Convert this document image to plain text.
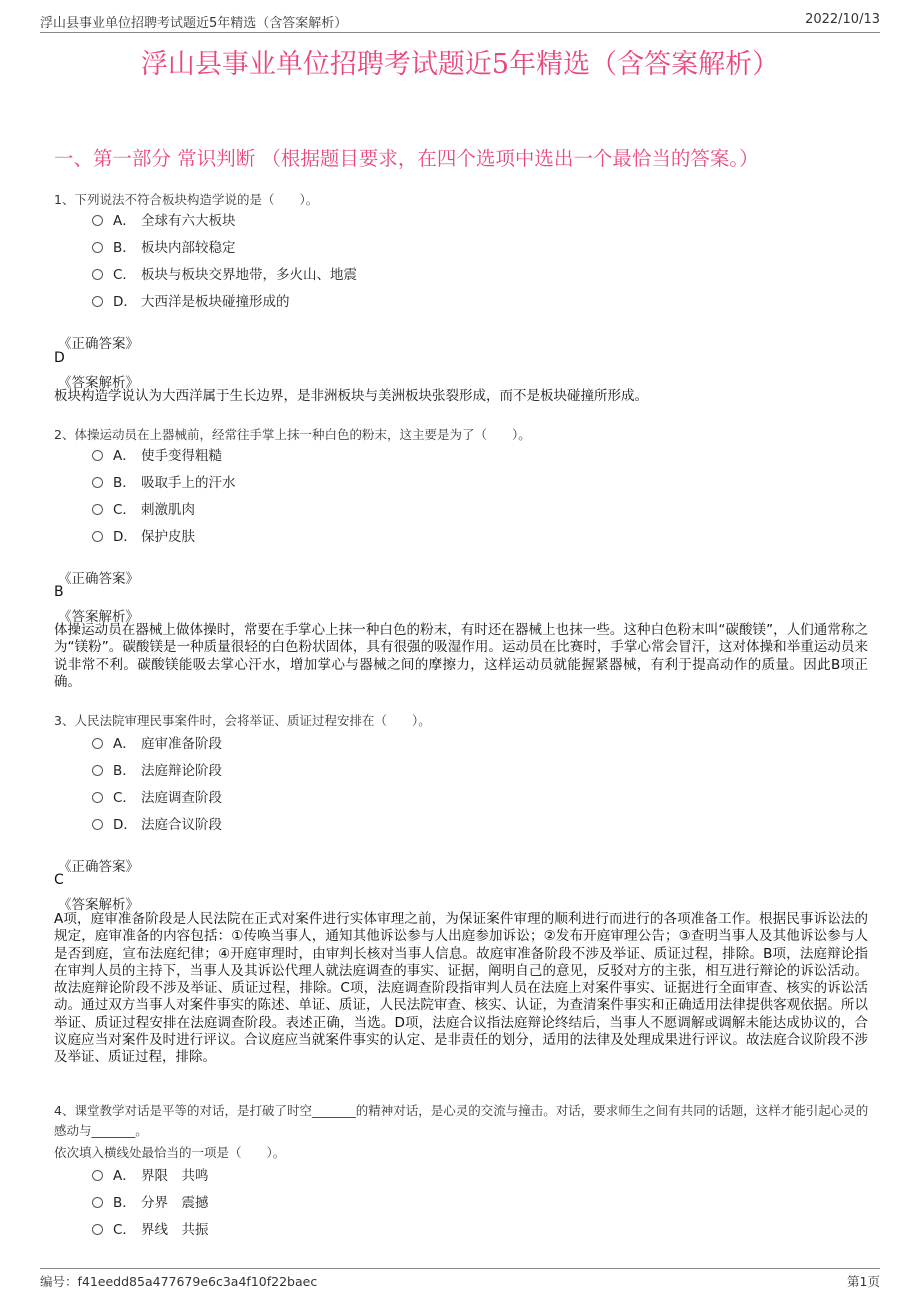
浮山县事业单位招聘考试题近5年精选（含答案解析）	2022/10/13
浮山县事业单位招聘考试题近5年精选（含答案解析）
一、第一部分 常识判断 （根据题目要求，在四个选项中选出一个最恰当的答案。）
1、下列说法不符合板块构造学说的是（　　）。
A． 全球有六大板块
B． 板块内部较稳定
C． 板块与板块交界地带，多火山、地震
D． 大西洋是板块碰撞形成的
《正确答案》
D
《答案解析》
板块构造学说认为大西洋属于生长边界，是非洲板块与美洲板块张裂形成，而不是板块碰撞所形成。
2、体操运动员在上器械前，经常往手掌上抹一种白色的粉末，这主要是为了（　　）。
A． 使手变得粗糙
B． 吸取手上的汗水
C． 刺激肌肉
D． 保护皮肤
《正确答案》
B
《答案解析》
体操运动员在器械上做体操时，常要在手掌心上抹一种白色的粉末，有时还在器械上也抹一些。这种白色粉末叫“碳酸镁”，人们通常称之为“镁粉”。碳酸镁是一种质量很轻的白色粉状固体，具有很强的吸湿作用。运动员在比赛时，手掌心常会冒汗，这对体操和举重运动员来说非常不利。碳酸镁能吸去掌心汗水，增加掌心与器械之间的摩擦力，这样运动员就能握紧器械，有利于提高动作的质量。因此B项正确。
3、人民法院审理民事案件时，会将举证、质证过程安排在（　　）。
A． 庭审准备阶段
B． 法庭辩论阶段
C． 法庭调查阶段
D． 法庭合议阶段
《正确答案》
C
《答案解析》
A项，庭审准备阶段是人民法院在正式对案件进行实体审理之前，为保证案件审理的顺利进行而进行的各项准备工作。根据民事诉讼法的规定，庭审准备的内容包括：①传唤当事人，通知其他诉讼参与人出庭参加诉讼；②发布开庭审理公告；③查明当事人及其他诉讼参与人是否到庭，宣布法庭纪律；④开庭审理时，由审判长核对当事人信息。故庭审准备阶段不涉及举证、质证过程，排除。B项，法庭辩论指在审判人员的主持下，当事人及其诉讼代理人就法庭调查的事实、证据，阐明自己的意见，反驳对方的主张，相互进行辩论的诉讼活动。故法庭辩论阶段不涉及举证、质证过程，排除。C项，法庭调查阶段指审判人员在法庭上对案件事实、证据进行全面审查、核实的诉讼活动。通过双方当事人对案件事实的陈述、单证、质证，人民法院审查、核实、认证，为查清案件事实和正确适用法律提供客观依据。所以举证、质证过程安排在法庭调查阶段。表述正确，当选。D项，法庭合议指法庭辩论终结后，当事人不愿调解或调解未能达成协议的，合议庭应当对案件及时进行评议。合议庭应当就案件事实的认定、是非责任的划分，适用的法律及处理成果进行评议。故法庭合议阶段不涉及举证、质证过程，排除。
4、课堂教学对话是平等的对话，是打破了时空_______的精神对话，是心灵的交流与撞击。对话，要求师生之间有共同的话题，这样才能引起心灵的感动与_______。
依次填入横线处最恰当的一项是（　　）。
A． 界限　共鸣
B． 分界　震撼
C． 界线　共振
编号：f41eedd85a477679e6c3a4f10f22baec	第1页
